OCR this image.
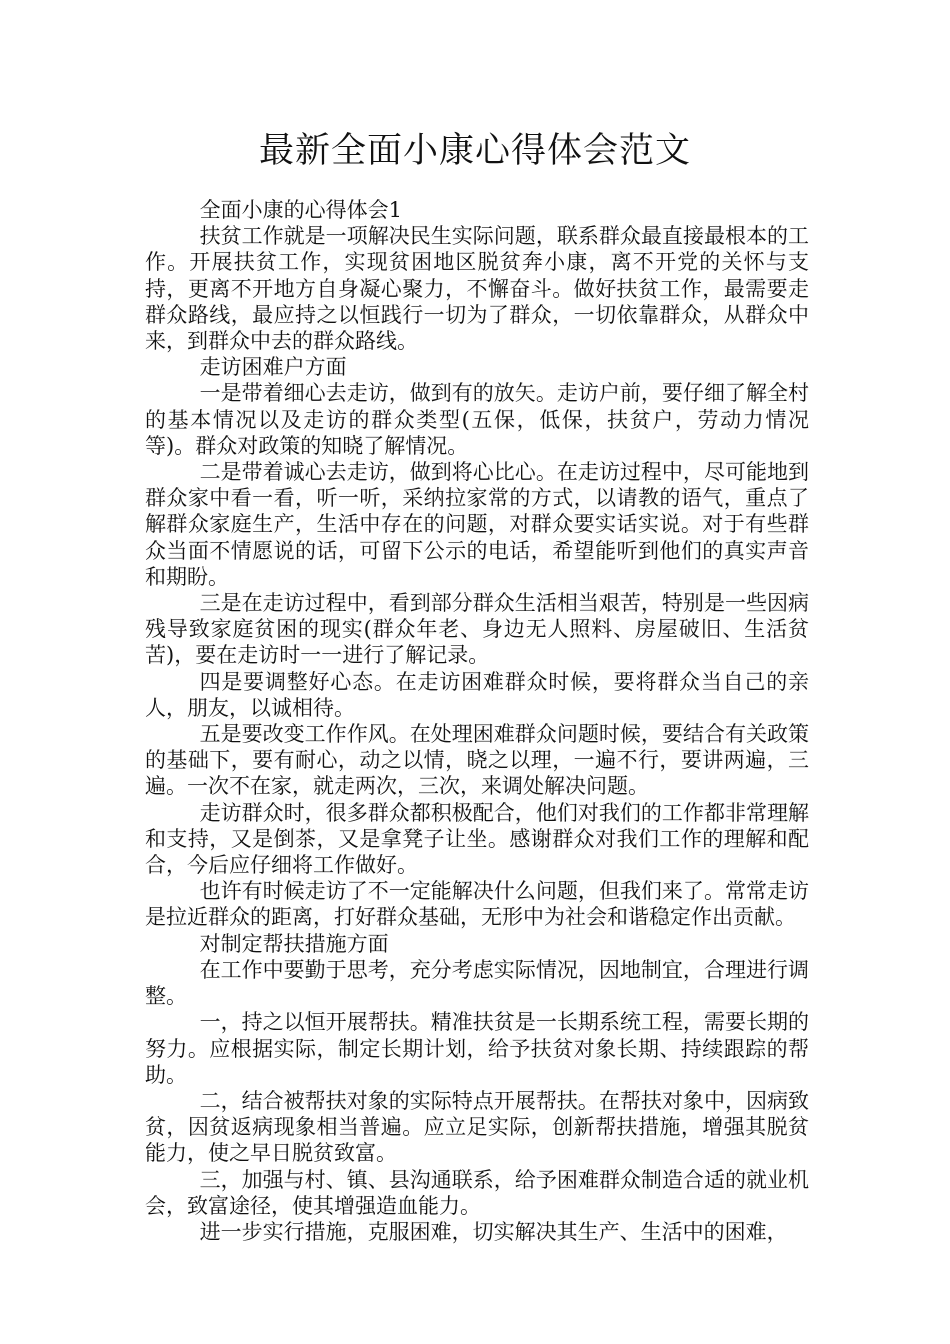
最新全面小康心得体会范文

全面小康的心得体会1

扶贫工作就是一项解决民生实际问题，联系群众最直接最根本的工作。开展扶贫工作，实现贫困地区脱贫奔小康，离不开党的关怀与支持，更离不开地方自身凝心聚力，不懈奋斗。做好扶贫工作，最需要走群众路线，最应持之以恒践行一切为了群众，一切依靠群众，从群众中来，到群众中去的群众路线。

走访困难户方面

一是带着细心去走访，做到有的放矢。走访户前，要仔细了解全村的基本情况以及走访的群众类型(五保，低保，扶贫户，劳动力情况等)。群众对政策的知晓了解情况。

二是带着诚心去走访，做到将心比心。在走访过程中，尽可能地到群众家中看一看，听一听，采纳拉家常的方式，以请教的语气，重点了解群众家庭生产，生活中存在的问题，对群众要实话实说。对于有些群众当面不情愿说的话，可留下公示的电话，希望能听到他们的真实声音和期盼。

三是在走访过程中，看到部分群众生活相当艰苦，特别是一些因病残导致家庭贫困的现实(群众年老、身边无人照料、房屋破旧、生活贫苦)，要在走访时一一进行了解记录。

四是要调整好心态。在走访困难群众时候，要将群众当自己的亲人，朋友，以诚相待。

五是要改变工作作风。在处理困难群众问题时候，要结合有关政策的基础下，要有耐心，动之以情，晓之以理，一遍不行，要讲两遍，三遍。一次不在家，就走两次，三次，来调处解决问题。

走访群众时，很多群众都积极配合，他们对我们的工作都非常理解和支持，又是倒茶，又是拿凳子让坐。感谢群众对我们工作的理解和配合，今后应仔细将工作做好。

也许有时候走访了不一定能解决什么问题，但我们来了。常常走访是拉近群众的距离，打好群众基础，无形中为社会和谐稳定作出贡献。

对制定帮扶措施方面

在工作中要勤于思考，充分考虑实际情况，因地制宜，合理进行调整。

一，持之以恒开展帮扶。精准扶贫是一长期系统工程，需要长期的努力。应根据实际，制定长期计划，给予扶贫对象长期、持续跟踪的帮助。

二，结合被帮扶对象的实际特点开展帮扶。在帮扶对象中，因病致贫，因贫返病现象相当普遍。应立足实际，创新帮扶措施，增强其脱贫能力，使之早日脱贫致富。

三，加强与村、镇、县沟通联系，给予困难群众制造合适的就业机会，致富途径，使其增强造血能力。

进一步实行措施，克服困难，切实解决其生产、生活中的困难，
